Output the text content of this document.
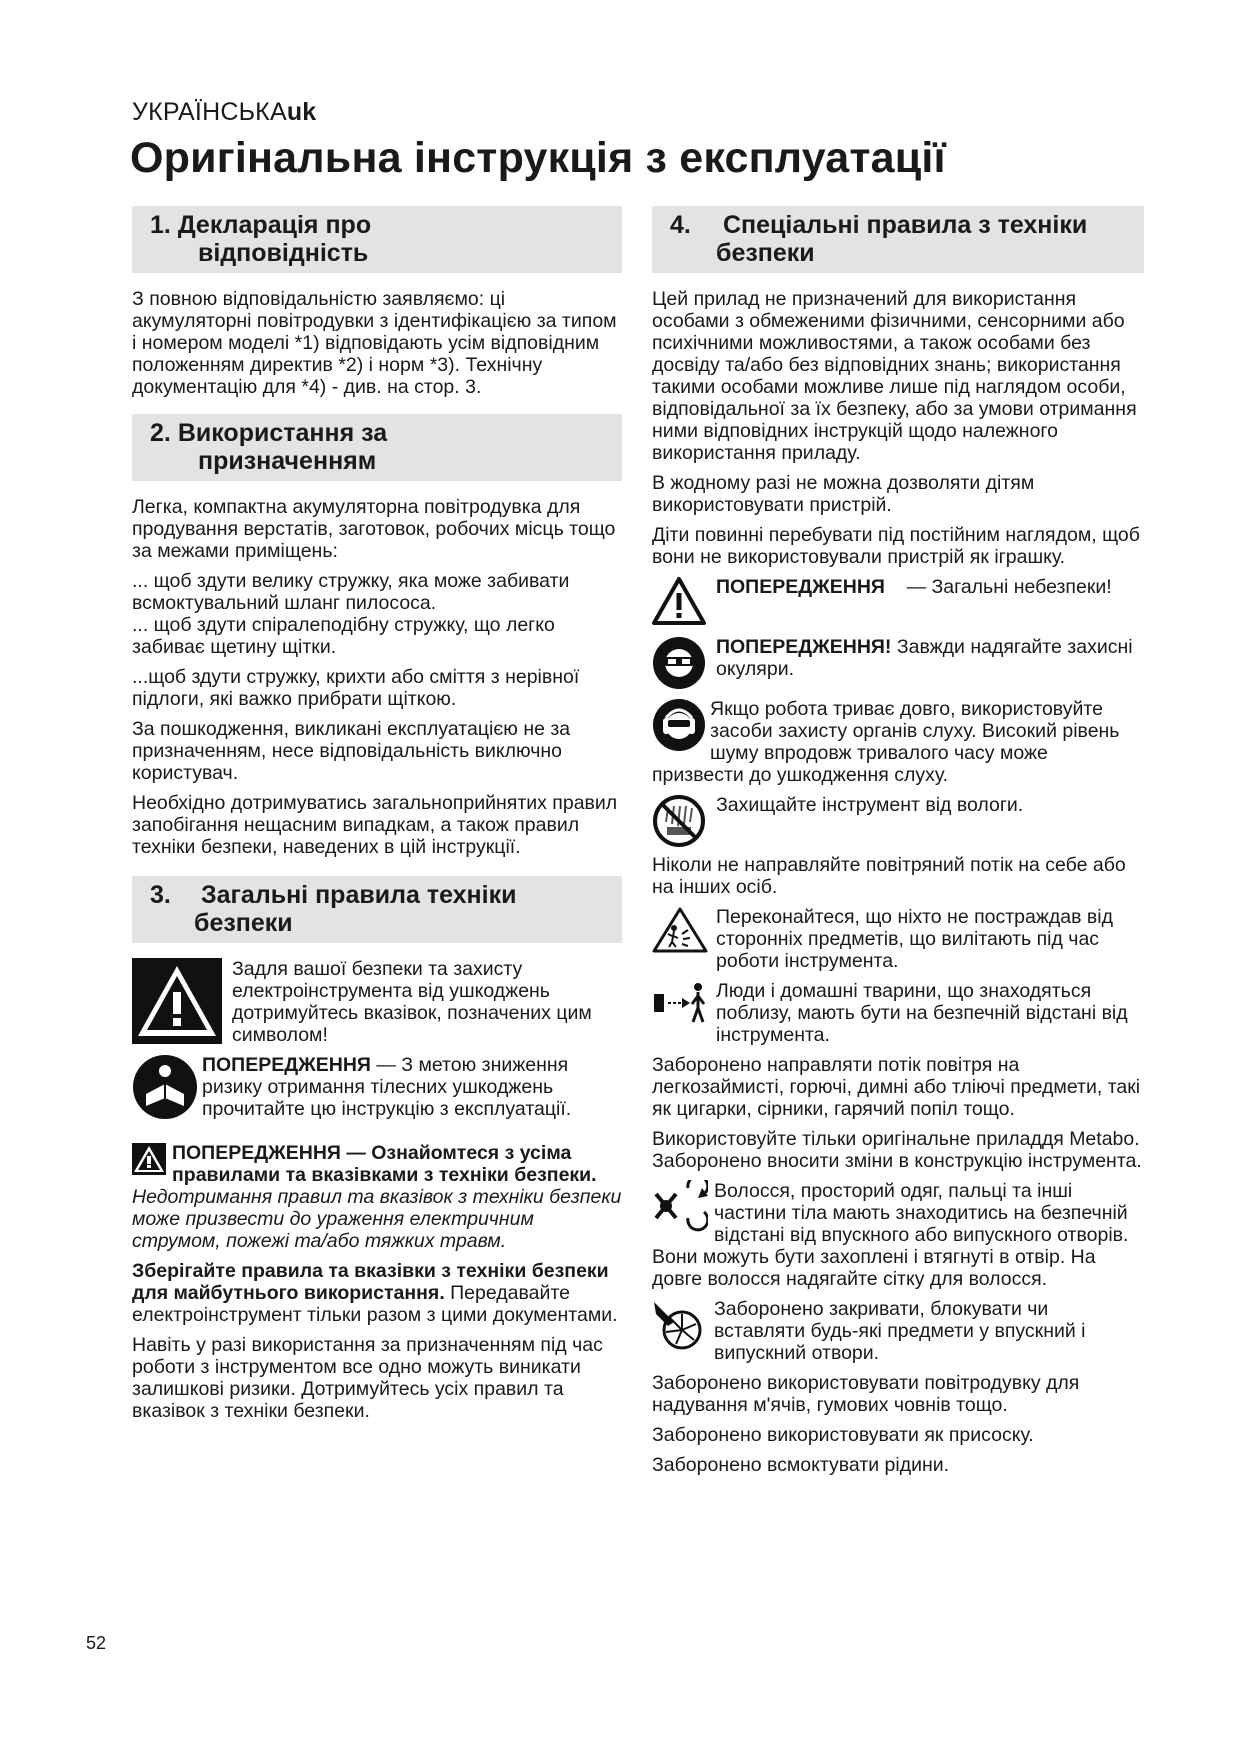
УКРАЇНСЬКАuk
Оригінальна інструкція з експлуатації
1. Декларація про
відповідність

З повною відповідальністю заявляємо: ці акумуляторні повітродувки з ідентифікацією за типом і номером моделі *1) відповідають усім відповідним положенням директив *2) і норм *3). Технічну документацію для *4) - див. на стор. 3.

2. Використання за
призначенням

Легка, компактна акумуляторна повітродувка для продування верстатів, заготовок, робочих місць тощо за межами приміщень:

... щоб здути велику стружку, яка може забивати всмоктувальний шланг пилососа.

... щоб здути спіралеподібну стружку, що легко забиває щетину щітки.

...щоб здути стружку, крихти або сміття з нерівної підлоги, які важко прибрати щіткою.

За пошкодження, викликані експлуатацією не за призначенням, несе відповідальність виключно користувач.

Необхідно дотримуватись загальноприйнятих правил запобігання нещасним випадкам, а також правил техніки безпеки, наведених в цій інструкції.

3. Загальні правила техніки
безпеки

Задля вашої безпеки та захисту електроінструмента від ушкоджень дотримуйтесь вказівок, позначених цим символом!

ПОПЕРЕДЖЕННЯ — З метою зниження ризику отримання тілесних ушкоджень прочитайте цю інструкцію з експлуатації.

ПОПЕРЕДЖЕННЯ — Ознайомтеся з усіма правилами та вказівками з техніки безпеки. Недотримання правил та вказівок з техніки безпеки може призвести до ураження електричним струмом, пожежі та/або тяжких травм.

Зберігайте правила та вказівки з техніки безпеки для майбутнього використання. Передавайте електроінструмент тільки разом з цими документами.

Навіть у разі використання за призначенням під час роботи з інструментом все одно можуть виникати залишкові ризики. Дотримуйтесь усіх правил та вказівок з техніки безпеки.

4. Спеціальні правила з техніки
безпеки

Цей прилад не призначений для використання особами з обмеженими фізичними, сенсорними або психічними можливостями, а також особами без досвіду та/або без відповідних знань; використання такими особами можливе лише під наглядом особи, відповідальної за їх безпеку, або за умови отримання ними відповідних інструкцій щодо належного використання приладу.

В жодному разі не можна дозволяти дітям використовувати пристрій.

Діти повинні перебувати під постійним наглядом, щоб вони не використовували пристрій як іграшку.

ПОПЕРЕДЖЕННЯ    — Загальні небезпеки!

ПОПЕРЕДЖЕННЯ! Завжди надягайте захисні окуляри.

Якщо робота триває довго, використовуйте засоби захисту органів слуху. Високий рівень шуму впродовж тривалого часу може призвести до ушкодження слуху.

Захищайте інструмент від вологи.

Ніколи не направляйте повітряний потік на себе або на інших осіб.

Переконайтеся, що ніхто не постраждав від сторонніх предметів, що вилітають під час роботи інструмента.

Люди і домашні тварини, що знаходяться поблизу, мають бути на безпечній відстані від інструмента.

Заборонено направляти потік повітря на легкозаймисті, горючі, димні або тліючі предмети, такі як цигарки, сірники, гарячий попіл тощо.

Використовуйте тільки оригінальне приладдя Metabo. Заборонено вносити зміни в конструкцію інструмента.

Волосся, просторий одяг, пальці та інші частини тіла мають знаходитись на безпечній відстані від впускного або випускного отворів. Вони можуть бути захоплені і втягнуті в отвір. На довге волосся надягайте сітку для волосся.

Заборонено закривати, блокувати чи вставляти будь-які предмети у впускний і випускний отвори.

Заборонено використовувати повітродувку для надування м'ячів, гумових човнів тощо.

Заборонено використовувати як присоску.

Заборонено всмоктувати рідини.

52
